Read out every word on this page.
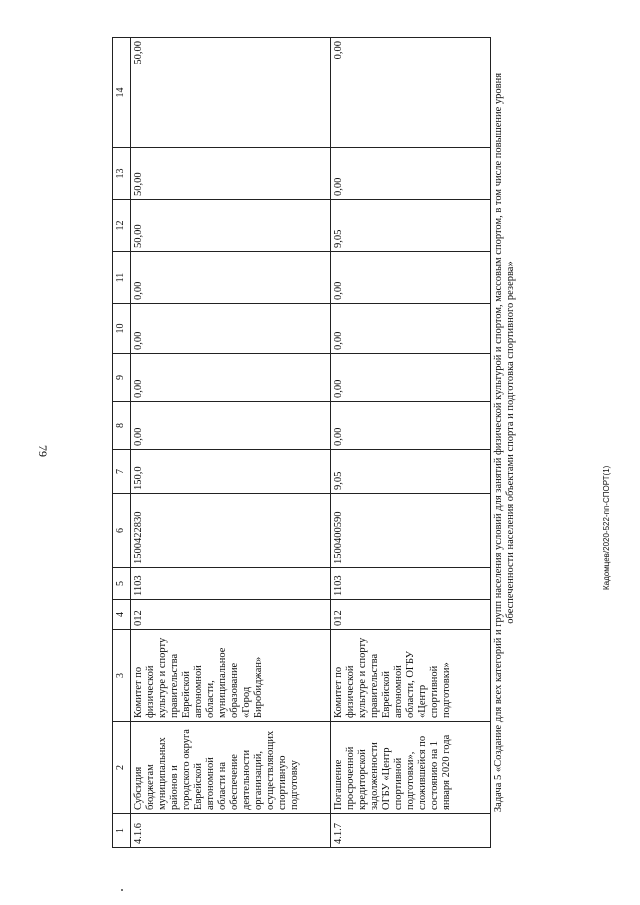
79
1	2	3	4	5	6	7	8	9	10	11	12	13	14
4.1.6	Субсидия бюджетам муниципальных районов и городского округа Еврейской автономной области на обеспечение деятельности организаций, осуществляющих спортивную подготовку	Комитет по физической культуре и спорту правительства Еврейской автономной области, муниципальное образование «Город Биробиджан»	012	1103	1500422830	150,0	0,00	0,00	0,00	0,00	50,00	50,00	50,00
4.1.7	Погашение просроченной кредиторской задолженности ОГБУ «Центр спортивной подготовки», сложившейся по состоянию на 1 января 2020 года	Комитет по физической культуре и спорту правительства Еврейской автономной области, ОГБУ «Центр спортивной подготовки»	012	1103	1500400590	9,05	0,00	0,00	0,00	0,00	9,05	0,00	0,00
Задача 5 «Создание для всех категорий и групп населения условий для занятий физической культурой и спортом, массовым спортом, в том числе повышение уровня обеспеченности населения объектами спорта и подготовка спортивного резерва»														Кадомцев/2020-522-пп-СПОРТ(1)
